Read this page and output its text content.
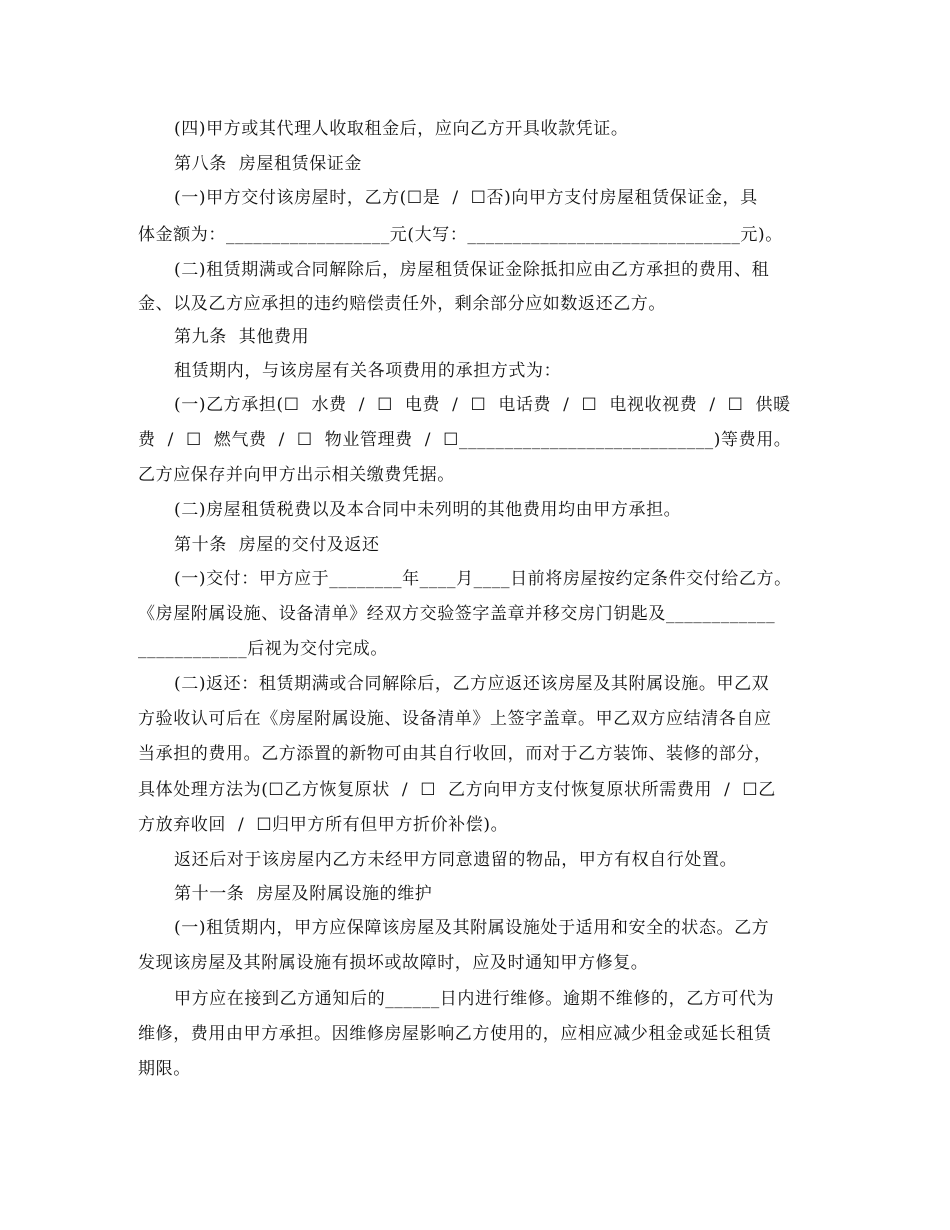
(四)甲方或其代理人收取租金后，应向乙方开具收款凭证。
第八条  房屋租赁保证金
(一)甲方交付该房屋时，乙方(☐是  /  ☐否)向甲方支付房屋租赁保证金，具
体金额为：__________________元(大写：______________________________元)。
(二)租赁期满或合同解除后，房屋租赁保证金除抵扣应由乙方承担的费用、租
金、以及乙方应承担的违约赔偿责任外，剩余部分应如数返还乙方。
第九条  其他费用
租赁期内，与该房屋有关各项费用的承担方式为：
(一)乙方承担(☐  水费  /  ☐  电费  /  ☐  电话费  /  ☐  电视收视费  /  ☐  供暖
费  /  ☐  燃气费  /  ☐  物业管理费  /  ☐____________________________)等费用。
乙方应保存并向甲方出示相关缴费凭据。
(二)房屋租赁税费以及本合同中未列明的其他费用均由甲方承担。
第十条  房屋的交付及返还
(一)交付：甲方应于________年____月____日前将房屋按约定条件交付给乙方。
《房屋附属设施、设备清单》经双方交验签字盖章并移交房门钥匙及____________
____________后视为交付完成。
(二)返还：租赁期满或合同解除后，乙方应返还该房屋及其附属设施。甲乙双
方验收认可后在《房屋附属设施、设备清单》上签字盖章。甲乙双方应结清各自应
当承担的费用。乙方添置的新物可由其自行收回，而对于乙方装饰、装修的部分，
具体处理方法为(☐乙方恢复原状  /  ☐  乙方向甲方支付恢复原状所需费用  /  ☐乙
方放弃收回  /  ☐归甲方所有但甲方折价补偿)。
返还后对于该房屋内乙方未经甲方同意遗留的物品，甲方有权自行处置。
第十一条  房屋及附属设施的维护
(一)租赁期内，甲方应保障该房屋及其附属设施处于适用和安全的状态。乙方
发现该房屋及其附属设施有损坏或故障时，应及时通知甲方修复。
甲方应在接到乙方通知后的______日内进行维修。逾期不维修的，乙方可代为
维修，费用由甲方承担。因维修房屋影响乙方使用的，应相应减少租金或延长租赁
期限。
